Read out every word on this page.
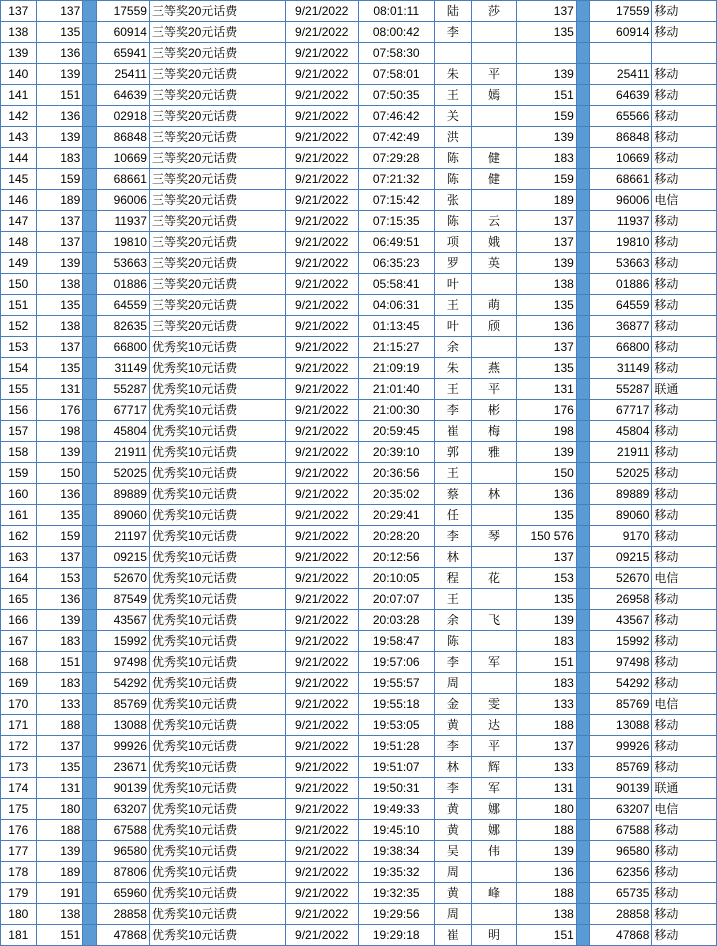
137	137		17559	三等奖20元话费	9/21/2022	08:01:11	陆	莎	137		17559	移动
138	135		60914	三等奖20元话费	9/21/2022	08:00:42	李		135		60914	移动
139	136		65941	三等奖20元话费	9/21/2022	07:58:30						
140	139		25411	三等奖20元话费	9/21/2022	07:58:01	朱	平	139		25411	移动
141	151		64639	三等奖20元话费	9/21/2022	07:50:35	王	嫣	151		64639	移动
142	136		02918	三等奖20元话费	9/21/2022	07:46:42	关		159		65566	移动
143	139		86848	三等奖20元话费	9/21/2022	07:42:49	洪		139		86848	移动
144	183		10669	三等奖20元话费	9/21/2022	07:29:28	陈	健	183		10669	移动
145	159		68661	三等奖20元话费	9/21/2022	07:21:32	陈	健	159		68661	移动
146	189		96006	三等奖20元话费	9/21/2022	07:15:42	张		189		96006	电信
147	137		11937	三等奖20元话费	9/21/2022	07:15:35	陈	云	137		11937	移动
148	137		19810	三等奖20元话费	9/21/2022	06:49:51	项	娥	137		19810	移动
149	139		53663	三等奖20元话费	9/21/2022	06:35:23	罗	英	139		53663	移动
150	138		01886	三等奖20元话费	9/21/2022	05:58:41	叶		138		01886	移动
151	135		64559	三等奖20元话费	9/21/2022	04:06:31	王	萌	135		64559	移动
152	138		82635	三等奖20元话费	9/21/2022	01:13:45	叶	颀	136		36877	移动
153	137		66800	优秀奖10元话费	9/21/2022	21:15:27	余		137		66800	移动
154	135		31149	优秀奖10元话费	9/21/2022	21:09:19	朱	燕	135		31149	移动
155	131		55287	优秀奖10元话费	9/21/2022	21:01:40	王	平	131		55287	联通
156	176		67717	优秀奖10元话费	9/21/2022	21:00:30	李	彬	176		67717	移动
157	198		45804	优秀奖10元话费	9/21/2022	20:59:45	崔	梅	198		45804	移动
158	139		21911	优秀奖10元话费	9/21/2022	20:39:10	郭	雅	139		21911	移动
159	150		52025	优秀奖10元话费	9/21/2022	20:36:56	王		150		52025	移动
160	136		89889	优秀奖10元话费	9/21/2022	20:35:02	蔡	林	136		89889	移动
161	135		89060	优秀奖10元话费	9/21/2022	20:29:41	任		135		89060	移动
162	159		21197	优秀奖10元话费	9/21/2022	20:28:20	李	琴	150 576		9170	移动
163	137		09215	优秀奖10元话费	9/21/2022	20:12:56	林		137		09215	移动
164	153		52670	优秀奖10元话费	9/21/2022	20:10:05	程	花	153		52670	电信
165	136		87549	优秀奖10元话费	9/21/2022	20:07:07	王		135		26958	移动
166	139		43567	优秀奖10元话费	9/21/2022	20:03:28	余	飞	139		43567	移动
167	183		15992	优秀奖10元话费	9/21/2022	19:58:47	陈		183		15992	移动
168	151		97498	优秀奖10元话费	9/21/2022	19:57:06	李	军	151		97498	移动
169	183		54292	优秀奖10元话费	9/21/2022	19:55:57	周		183		54292	移动
170	133		85769	优秀奖10元话费	9/21/2022	19:55:18	金	雯	133		85769	电信
171	188		13088	优秀奖10元话费	9/21/2022	19:53:05	黄	达	188		13088	移动
172	137		99926	优秀奖10元话费	9/21/2022	19:51:28	李	平	137		99926	移动
173	135		23671	优秀奖10元话费	9/21/2022	19:51:07	林	辉	133		85769	移动
174	131		90139	优秀奖10元话费	9/21/2022	19:50:31	李	军	131		90139	联通
175	180		63207	优秀奖10元话费	9/21/2022	19:49:33	黄	娜	180		63207	电信
176	188		67588	优秀奖10元话费	9/21/2022	19:45:10	黄	娜	188		67588	移动
177	139		96580	优秀奖10元话费	9/21/2022	19:38:34	吴	伟	139		96580	移动
178	189		87806	优秀奖10元话费	9/21/2022	19:35:32	周		136		62356	移动
179	191		65960	优秀奖10元话费	9/21/2022	19:32:35	黄	峰	188		65735	移动
180	138		28858	优秀奖10元话费	9/21/2022	19:29:56	周		138		28858	移动
181	151		47868	优秀奖10元话费	9/21/2022	19:29:18	崔	明	151		47868	移动
